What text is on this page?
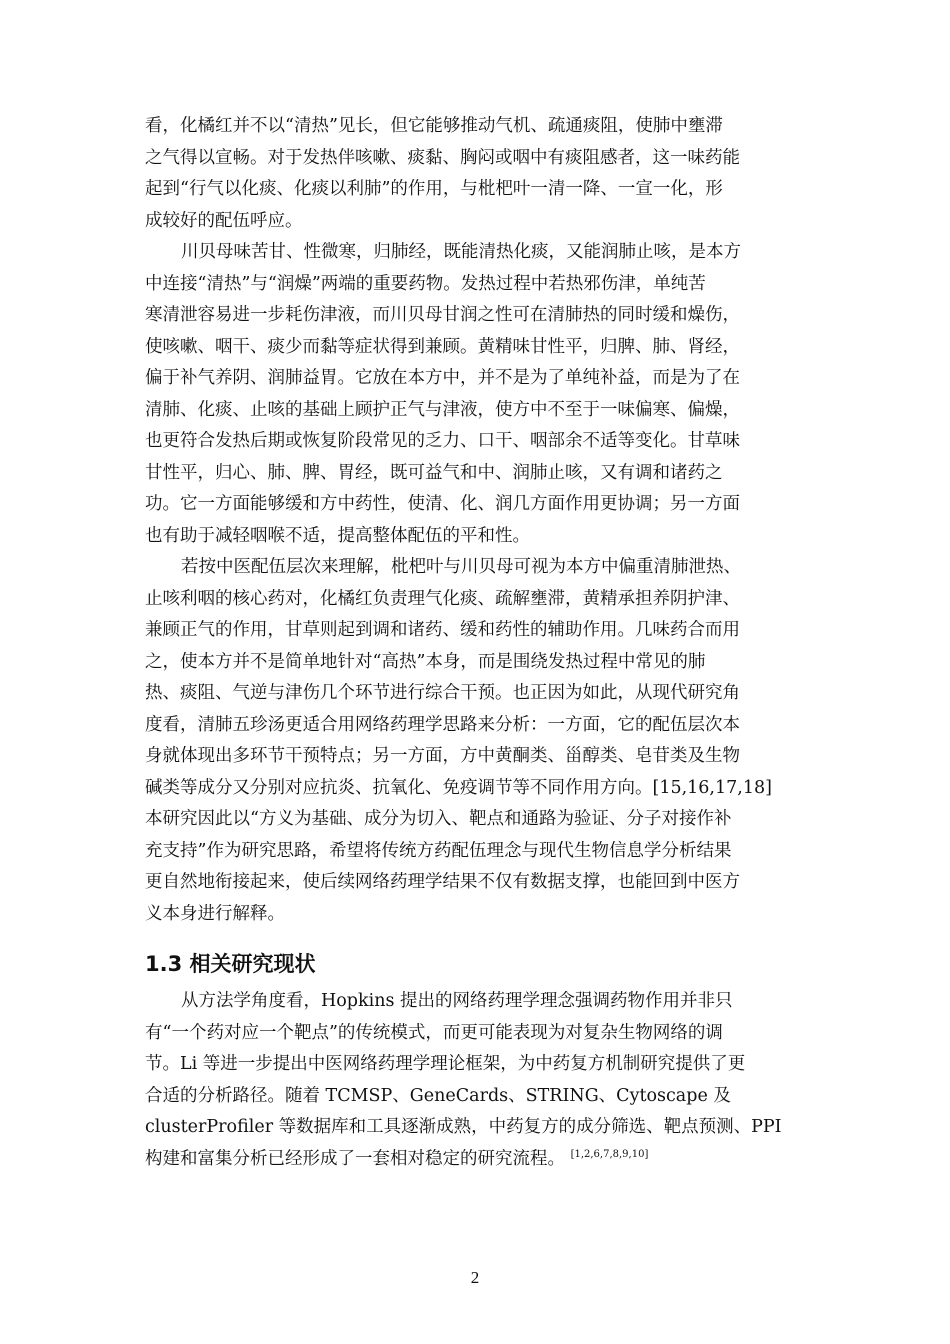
看，化橘红并不以“清热”见长，但它能够推动气机、疏通痰阻，使肺中壅滞
之气得以宣畅。对于发热伴咳嗽、痰黏、胸闷或咽中有痰阻感者，这一味药能
起到“行气以化痰、化痰以利肺”的作用，与枇杷叶一清一降、一宣一化，形
成较好的配伍呼应。
川贝母味苦甘、性微寒，归肺经，既能清热化痰，又能润肺止咳，是本方
中连接“清热”与“润燥”两端的重要药物。发热过程中若热邪伤津，单纯苦
寒清泄容易进一步耗伤津液，而川贝母甘润之性可在清肺热的同时缓和燥伤，
使咳嗽、咽干、痰少而黏等症状得到兼顾。黄精味甘性平，归脾、肺、肾经，
偏于补气养阴、润肺益胃。它放在本方中，并不是为了单纯补益，而是为了在
清肺、化痰、止咳的基础上顾护正气与津液，使方中不至于一味偏寒、偏燥，
也更符合发热后期或恢复阶段常见的乏力、口干、咽部余不适等变化。甘草味
甘性平，归心、肺、脾、胃经，既可益气和中、润肺止咳，又有调和诸药之
功。它一方面能够缓和方中药性，使清、化、润几方面作用更协调；另一方面
也有助于减轻咽喉不适，提高整体配伍的平和性。
若按中医配伍层次来理解，枇杷叶与川贝母可视为本方中偏重清肺泄热、
止咳利咽的核心药对，化橘红负责理气化痰、疏解壅滞，黄精承担养阴护津、
兼顾正气的作用，甘草则起到调和诸药、缓和药性的辅助作用。几味药合而用
之，使本方并不是简单地针对“高热”本身，而是围绕发热过程中常见的肺
热、痰阻、气逆与津伤几个环节进行综合干预。也正因为如此，从现代研究角
度看，清肺五珍汤更适合用网络药理学思路来分析：一方面，它的配伍层次本
身就体现出多环节干预特点；另一方面，方中黄酮类、甾醇类、皂苷类及生物
碱类等成分又分别对应抗炎、抗氧化、免疫调节等不同作用方向。[15,16,17,18]
本研究因此以“方义为基础、成分为切入、靶点和通路为验证、分子对接作补
充支持”作为研究思路，希望将传统方药配伍理念与现代生物信息学分析结果
更自然地衔接起来，使后续网络药理学结果不仅有数据支撑，也能回到中医方
义本身进行解释。
1.3 相关研究现状
从方法学角度看，Hopkins 提出的网络药理学理念强调药物作用并非只
有“一个药对应一个靶点”的传统模式，而更可能表现为对复杂生物网络的调
节。Li 等进一步提出中医网络药理学理论框架，为中药复方机制研究提供了更
合适的分析路径。随着 TCMSP、GeneCards、STRING、Cytoscape 及
clusterProfiler 等数据库和工具逐渐成熟，中药复方的成分筛选、靶点预测、PPI
构建和富集分析已经形成了一套相对稳定的研究流程。 [1,2,6,7,8,9,10]
2
